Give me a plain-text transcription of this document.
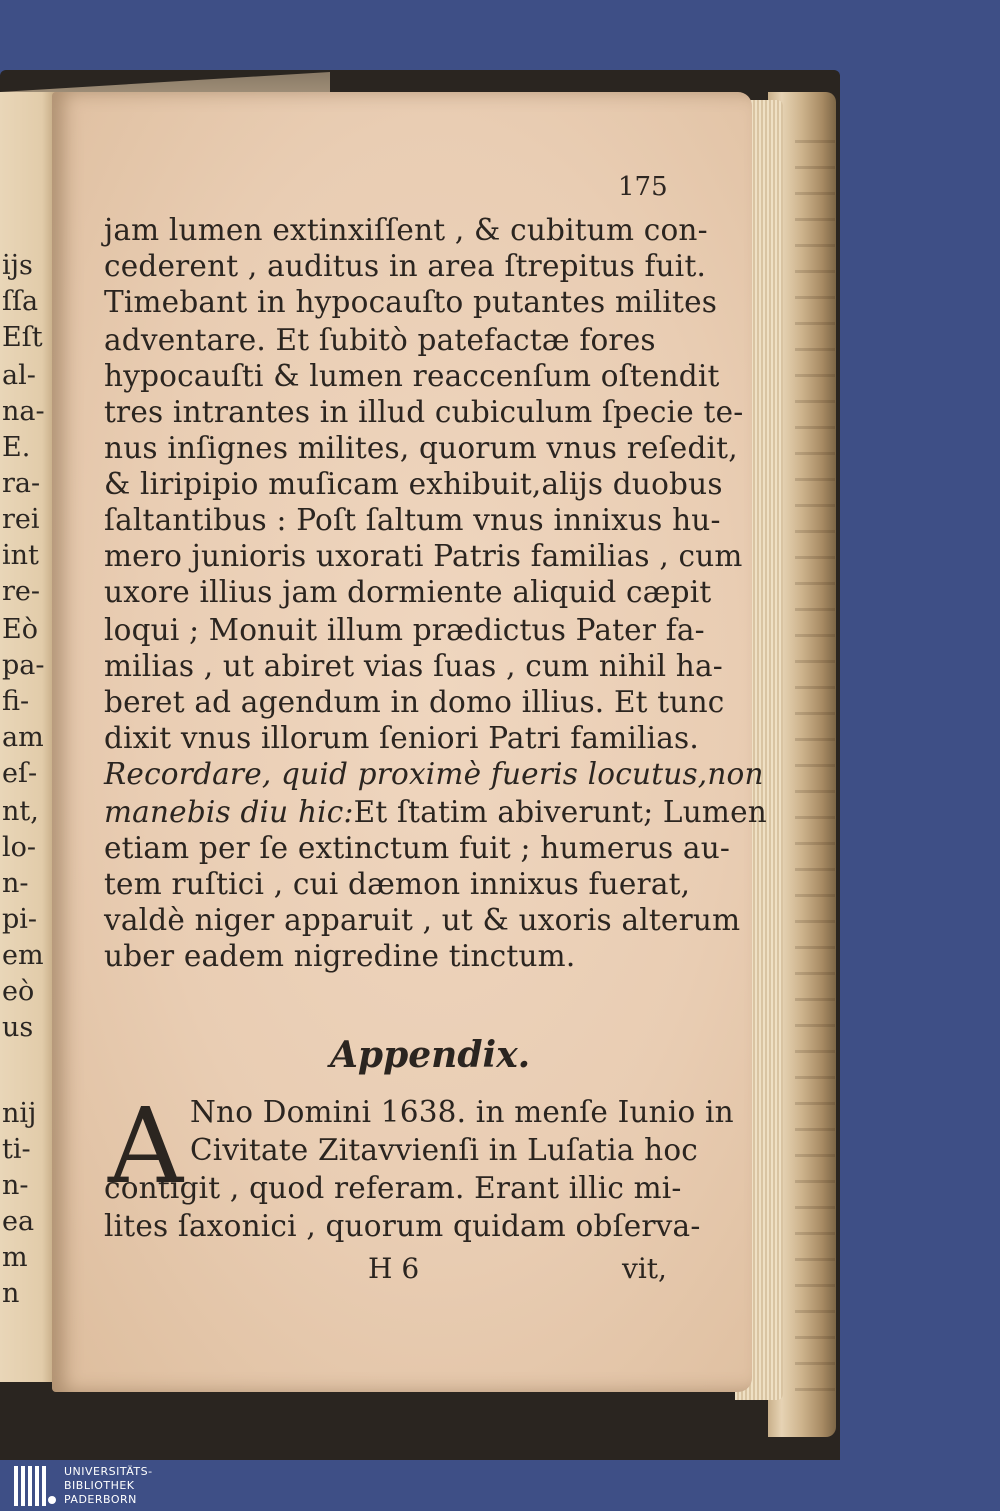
ijs
ſſa
Eſt
al-
na-
E.
ra-
rei
int
re-
Eò
pa-
fi-
am
eſ-
nt,
lo-
n-
pi-
em
eò
us
nij
ti-
n-
ea
m
n
175
jam lumen extinxiſſent , & cubitum con-
cederent , auditus in area ſtrepitus fuit.
Timebant in hypocauſto putantes milites
adventare. Et ſubitò patefactæ fores
hypocauſti & lumen reaccenſum oſtendit
tres intrantes in illud cubiculum ſpecie te-
nus inſignes milites, quorum vnus reſedit,
& liripipio muſicam exhibuit,aliјs duobus
ſaltantibus : Poſt ſaltum vnus innixus hu-
mero junioris uxorati Patris familias , cum
uxore illius jam dormiente aliquid cæpit
loqui ; Monuit illum prædictus Pater fa-
milias , ut abiret vias ſuas , cum nihil ha-
beret ad agendum in domo illius. Et tunc
dixit vnus illorum ſeniori Patri familias.
Recordare, quid proximè fueris locutus,non
manebis diu hic:Et ſtatim abiverunt; Lumen
etiam per ſe extinctum fuit ; humerus au-
tem ruſtici , cui dæmon innixus fuerat,
valdè niger apparuit , ut & uxoris alterum
uber eadem nigredine tinctum.
Appendix.
A Nno Domini 1638. in menſe Iunio in
Civitate Zitavvienſi in Luſatia hoc
contigit , quod referam. Erant illic mi-
lites ſaxonici , quorum quidam obſerva-
H 6	vit,
UNIVERSITÄTS-
BIBLIOTHEK
PADERBORN
